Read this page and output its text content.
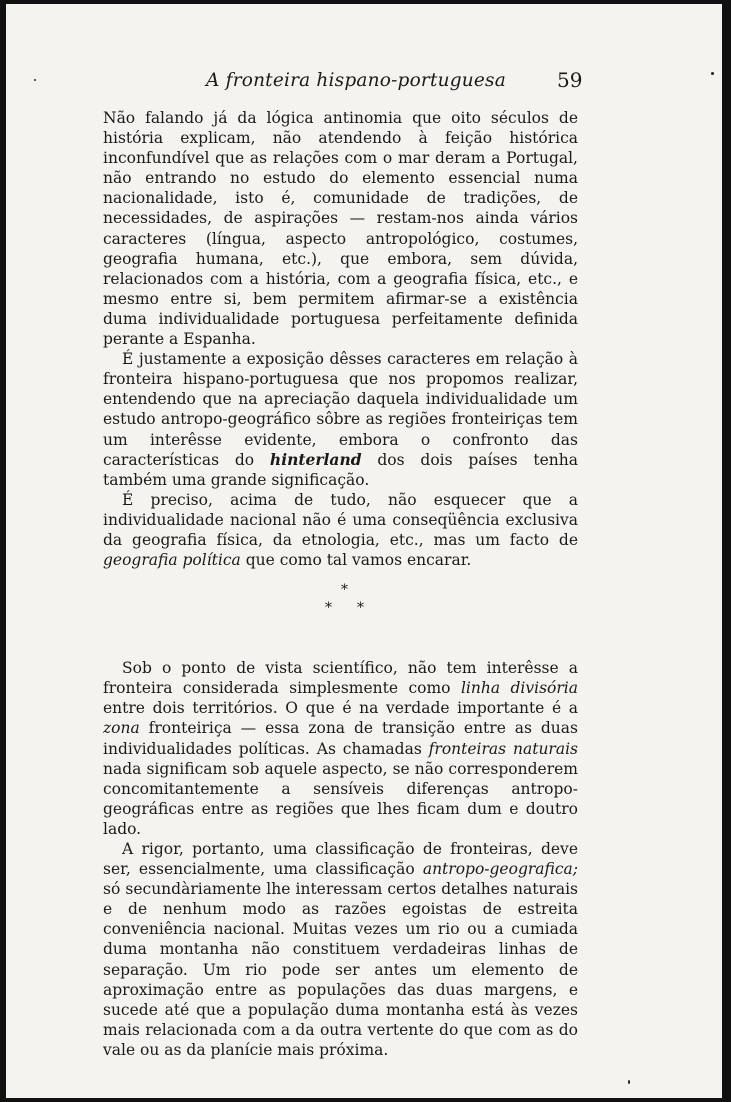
A fronteira hispano-portuguesa	59

Não falando já da lógica antinomia que oito séculos de história explicam, não atendendo à feição histórica inconfundível que as relações com o mar deram a Portugal, não entrando no estudo do elemento essencial numa nacionalidade, isto é, comunidade de tradições, de necessidades, de aspirações — restam-nos ainda vários caracteres (língua, aspecto antropológico, costumes, geografia humana, etc.), que embora, sem dúvida, relacionados com a história, com a geografia física, etc., e mesmo entre si, bem permitem afirmar-se a existência duma individualidade portuguesa perfeitamente definida perante a Espanha.

É justamente a exposição dêsses caracteres em relação à fronteira hispano-portuguesa que nos propomos realizar, entendendo que na apreciação daquela individualidade um estudo antropo-geográfico sôbre as regiões fronteiriças tem um interêsse evidente, embora o confronto das características do hinterland dos dois países tenha também uma grande significação.

É preciso, acima de tudo, não esquecer que a individualidade nacional não é uma conseqüência exclusiva da geografia física, da etnologia, etc., mas um facto de geografia política que como tal vamos encarar.

*
* *

Sob o ponto de vista scientífico, não tem interêsse a fronteira considerada simplesmente como linha divisória entre dois territórios. O que é na verdade importante é a zona fronteiriça — essa zona de transição entre as duas individualidades políticas. As chamadas fronteiras naturais nada significam sob aquele aspecto, se não corresponderem concomitantemente a sensíveis diferenças antropo-geográficas entre as regiões que lhes ficam dum e doutro lado.

A rigor, portanto, uma classificação de fronteiras, deve ser, essencialmente, uma classificação antropo-geografica; só secundàriamente lhe interessam certos detalhes naturais e de nenhum modo as razões egoistas de estreita conveniência nacional. Muitas vezes um rio ou a cumiada duma montanha não constituem verdadeiras linhas de separação. Um rio pode ser antes um elemento de aproximação entre as populações das duas margens, e sucede até que a população duma montanha está às vezes mais relacionada com a da outra vertente do que com as do vale ou as da planície mais próxima.
